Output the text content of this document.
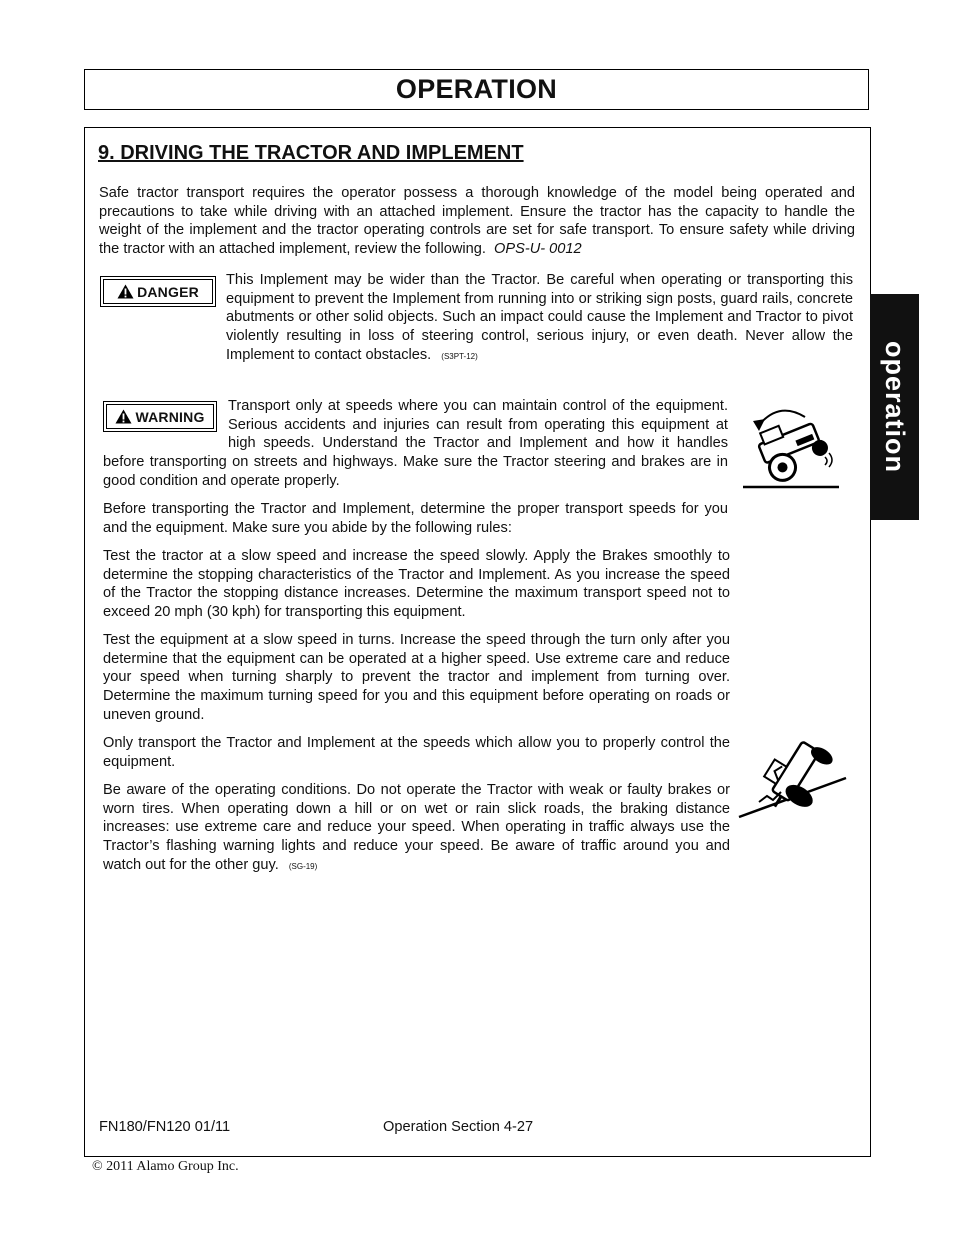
OPERATION
operation
9. DRIVING THE TRACTOR AND IMPLEMENT

Safe tractor transport requires the operator possess a thorough knowledge of the model being operated and precautions to take while driving with an attached implement. Ensure the tractor has the capacity to handle the weight of the implement and the tractor operating controls are set for safe transport. To ensure safety while driving the tractor with an attached implement, review the following. OPS-U- 0012

DANGER

This Implement may be wider than the Tractor. Be careful when operating or transporting this equipment to prevent the Implement from running into or striking sign posts, guard rails, concrete abutments or other solid objects. Such an impact could cause the Implement and Tractor to pivot violently resulting in loss of steering control, serious injury, or even death. Never allow the Implement to contact obstacles. (S3PT-12)

WARNING
Transport only at speeds where you can maintain control of the equipment. Serious accidents and injuries can result from operating this equipment at high speeds. Understand the Tractor and Implement and how it handles before transporting on streets and highways. Make sure the Tractor steering and brakes are in good condition and operate properly.

Before transporting the Tractor and Implement, determine the proper transport speeds for you and the equipment. Make sure you abide by the following rules:

Test the tractor at a slow speed and increase the speed slowly. Apply the Brakes smoothly to determine the stopping characteristics of the Tractor and Implement. As you increase the speed of the Tractor the stopping distance increases. Determine the maximum transport speed not to exceed 20 mph (30 kph) for transporting this equipment.

Test the equipment at a slow speed in turns. Increase the speed through the turn only after you determine that the equipment can be operated at a higher speed. Use extreme care and reduce your speed when turning sharply to prevent the tractor and implement from turning over. Determine the maximum turning speed for you and this equipment before operating on roads or uneven ground.

Only transport the Tractor and Implement at the speeds which allow you to properly control the equipment.

Be aware of the operating conditions. Do not operate the Tractor with weak or faulty brakes or worn tires. When operating down a hill or on wet or rain slick roads, the braking distance increases: use extreme care and reduce your speed. When operating in traffic always use the Tractor’s flashing warning lights and reduce your speed. Be aware of traffic around you and watch out for the other guy. (SG-19)

FN180/FN120 01/11	Operation Section 4-27
© 2011 Alamo Group Inc.
